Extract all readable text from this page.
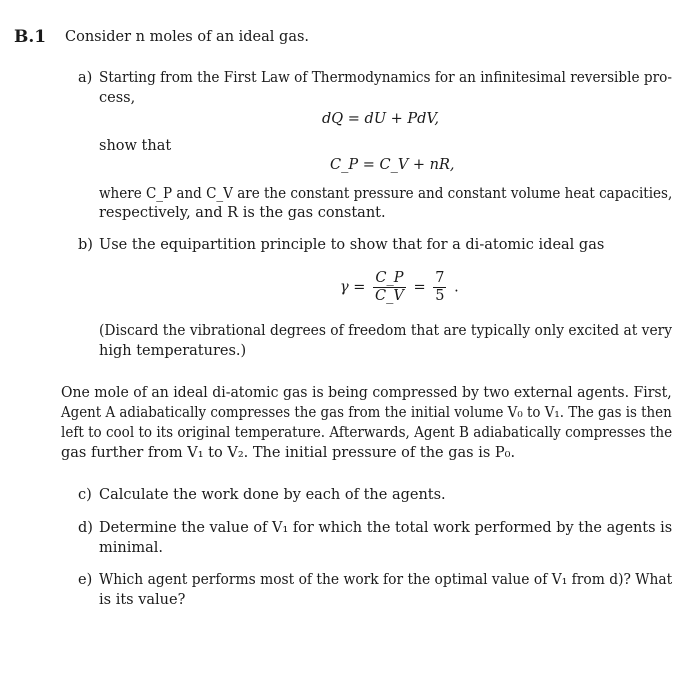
B.1 Consider n moles of an ideal gas.
a) Starting from the First Law of Thermodynamics for an infinitesimal reversible pro-
cess,
dQ = dU + PdV,
show that
C_P = C_V + nR,
where C_P and C_V are the constant pressure and constant volume heat capacities,
respectively, and R is the gas constant.
b) Use the equipartition principle to show that for a di-atomic ideal gas
$\gamma = \frac{C\_P}{C\_V} = \frac{7}{5}$ .
(Discard the vibrational degrees of freedom that are typically only excited at very
high temperatures.)
One mole of an ideal di-atomic gas is being compressed by two external agents. First,
Agent A adiabatically compresses the gas from the initial volume V₀ to V₁. The gas is then
left to cool to its original temperature. Afterwards, Agent B adiabatically compresses the
gas further from V₁ to V₂. The initial pressure of the gas is P₀.
c) Calculate the work done by each of the agents.
d) Determine the value of V₁ for which the total work performed by the agents is
minimal.
e) Which agent performs most of the work for the optimal value of V₁ from d)? What
is its value?
